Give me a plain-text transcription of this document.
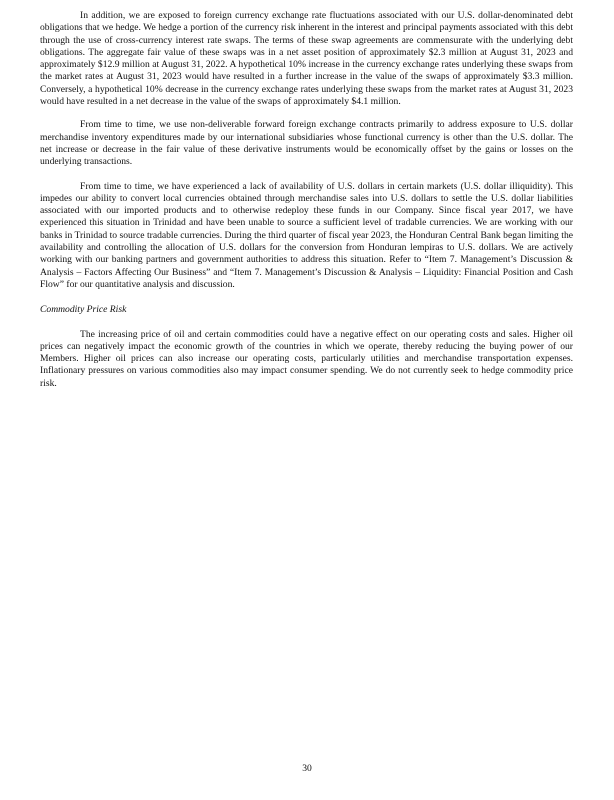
In addition, we are exposed to foreign currency exchange rate fluctuations associated with our U.S. dollar-denominated debt obligations that we hedge. We hedge a portion of the currency risk inherent in the interest and principal payments associated with this debt through the use of cross-currency interest rate swaps. The terms of these swap agreements are commensurate with the underlying debt obligations. The aggregate fair value of these swaps was in a net asset position of approximately $2.3 million at August 31, 2023 and approximately $12.9 million at August 31, 2022. A hypothetical 10% increase in the currency exchange rates underlying these swaps from the market rates at August 31, 2023 would have resulted in a further increase in the value of the swaps of approximately $3.3 million. Conversely, a hypothetical 10% decrease in the currency exchange rates underlying these swaps from the market rates at August 31, 2023 would have resulted in a net decrease in the value of the swaps of approximately $4.1 million.

From time to time, we use non-deliverable forward foreign exchange contracts primarily to address exposure to U.S. dollar merchandise inventory expenditures made by our international subsidiaries whose functional currency is other than the U.S. dollar. The net increase or decrease in the fair value of these derivative instruments would be economically offset by the gains or losses on the underlying transactions.

From time to time, we have experienced a lack of availability of U.S. dollars in certain markets (U.S. dollar illiquidity). This impedes our ability to convert local currencies obtained through merchandise sales into U.S. dollars to settle the U.S. dollar liabilities associated with our imported products and to otherwise redeploy these funds in our Company. Since fiscal year 2017, we have experienced this situation in Trinidad and have been unable to source a sufficient level of tradable currencies. We are working with our banks in Trinidad to source tradable currencies. During the third quarter of fiscal year 2023, the Honduran Central Bank began limiting the availability and controlling the allocation of U.S. dollars for the conversion from Honduran lempiras to U.S. dollars. We are actively working with our banking partners and government authorities to address this situation. Refer to “Item 7. Management’s Discussion & Analysis – Factors Affecting Our Business” and “Item 7. Management’s Discussion & Analysis – Liquidity: Financial Position and Cash Flow” for our quantitative analysis and discussion.

Commodity Price Risk

The increasing price of oil and certain commodities could have a negative effect on our operating costs and sales. Higher oil prices can negatively impact the economic growth of the countries in which we operate, thereby reducing the buying power of our Members. Higher oil prices can also increase our operating costs, particularly utilities and merchandise transportation expenses. Inflationary pressures on various commodities also may impact consumer spending. We do not currently seek to hedge commodity price risk.

30
